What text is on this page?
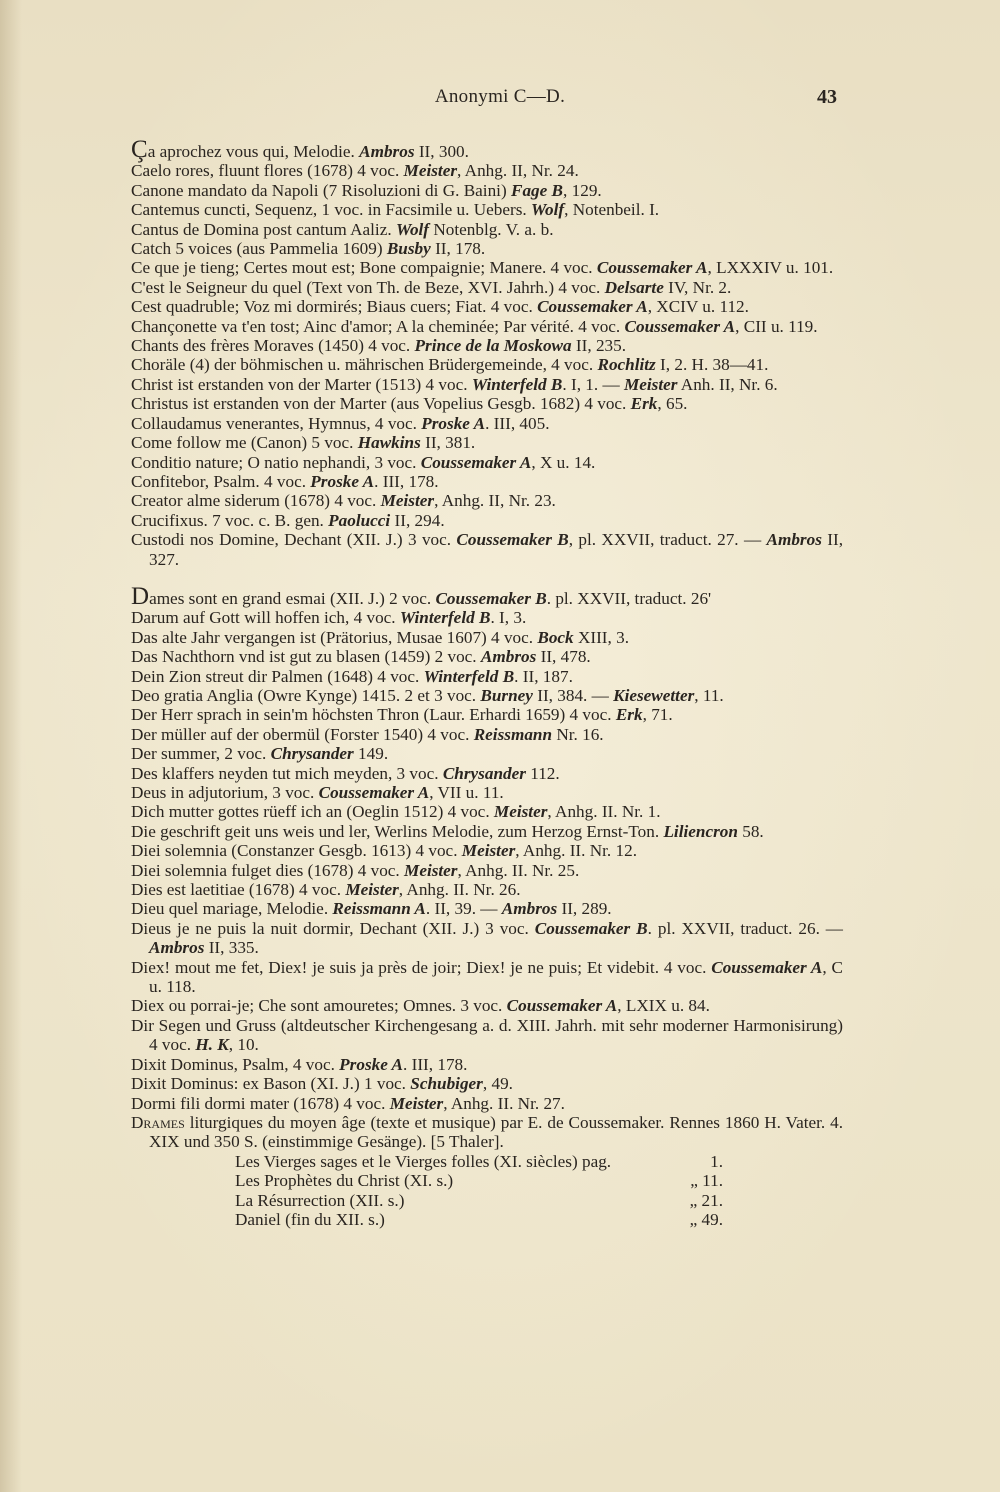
Anonymi C—D.	43
Ça aprochez vous qui, Melodie. Ambros II, 300.
Caelo rores, fluunt flores (1678) 4 voc. Meister, Anhg. II, Nr. 24.
Canone mandato da Napoli (7 Risoluzioni di G. Baini) Fage B, 129.
Cantemus cuncti, Sequenz, 1 voc. in Facsimile u. Uebers. Wolf, Notenbeil. I.
Cantus de Domina post cantum Aaliz. Wolf Notenblg. V. a. b.
Catch 5 voices (aus Pammelia 1609) Busby II, 178.
Ce que je tieng; Certes mout est; Bone compaignie; Manere. 4 voc. Coussemaker A, LXXXIV u. 101.
C'est le Seigneur du quel (Text von Th. de Beze, XVI. Jahrh.) 4 voc. Delsarte IV, Nr. 2.
Cest quadruble; Voz mi dormirés; Biaus cuers; Fiat. 4 voc. Coussemaker A, XCIV u. 112.
Chançonette va t'en tost; Ainc d'amor; A la cheminée; Par vérité. 4 voc. Coussemaker A, CII u. 119.
Chants des frères Moraves (1450) 4 voc. Prince de la Moskowa II, 235.
Choräle (4) der böhmischen u. mährischen Brüdergemeinde, 4 voc. Rochlitz I, 2. H. 38—41.
Christ ist erstanden von der Marter (1513) 4 voc. Winterfeld B. I, 1. — Meister Anh. II, Nr. 6.
Christus ist erstanden von der Marter (aus Vopelius Gesgb. 1682) 4 voc. Erk, 65.
Collaudamus venerantes, Hymnus, 4 voc. Proske A. III, 405.
Come follow me (Canon) 5 voc. Hawkins II, 381.
Conditio nature; O natio nephandi, 3 voc. Coussemaker A, X u. 14.
Confitebor, Psalm. 4 voc. Proske A. III, 178.
Creator alme siderum (1678) 4 voc. Meister, Anhg. II, Nr. 23.
Crucifixus. 7 voc. c. B. gen. Paolucci II, 294.
Custodi nos Domine, Dechant (XII. J.) 3 voc. Coussemaker B, pl. XXVII, traduct. 27. — Ambros II, 327.
Dames sont en grand esmai (XII. J.) 2 voc. Coussemaker B. pl. XXVII, traduct. 26'
Darum auf Gott will hoffen ich, 4 voc. Winterfeld B. I, 3.
Das alte Jahr vergangen ist (Prätorius, Musae 1607) 4 voc. Bock XIII, 3.
Das Nachthorn vnd ist gut zu blasen (1459) 2 voc. Ambros II, 478.
Dein Zion streut dir Palmen (1648) 4 voc. Winterfeld B. II, 187.
Deo gratia Anglia (Owre Kynge) 1415. 2 et 3 voc. Burney II, 384. — Kiesewetter, 11.
Der Herr sprach in sein'm höchsten Thron (Laur. Erhardi 1659) 4 voc. Erk, 71.
Der müller auf der obermül (Forster 1540) 4 voc. Reissmann Nr. 16.
Der summer, 2 voc. Chrysander 149.
Des klaffers neyden tut mich meyden, 3 voc. Chrysander 112.
Deus in adjutorium, 3 voc. Coussemaker A, VII u. 11.
Dich mutter gottes rüeff ich an (Oeglin 1512) 4 voc. Meister, Anhg. II. Nr. 1.
Die geschrift geit uns weis und ler, Werlins Melodie, zum Herzog Ernst-Ton. Liliencron 58.
Diei solemnia (Constanzer Gesgb. 1613) 4 voc. Meister, Anhg. II. Nr. 12.
Diei solemnia fulget dies (1678) 4 voc. Meister, Anhg. II. Nr. 25.
Dies est laetitiae (1678) 4 voc. Meister, Anhg. II. Nr. 26.
Dieu quel mariage, Melodie. Reissmann A. II, 39. — Ambros II, 289.
Dieus je ne puis la nuit dormir, Dechant (XII. J.) 3 voc. Coussemaker B. pl. XXVII, traduct. 26. — Ambros II, 335.
Diex! mout me fet, Diex! je suis ja près de joir; Diex! je ne puis; Et videbit. 4 voc. Coussemaker A, C u. 118.
Diex ou porrai-je; Che sont amouretes; Omnes. 3 voc. Coussemaker A, LXIX u. 84.
Dir Segen und Gruss (altdeutscher Kirchengesang a. d. XIII. Jahrh. mit sehr moderner Harmonisirung) 4 voc. H. K, 10.
Dixit Dominus, Psalm, 4 voc. Proske A. III, 178.
Dixit Dominus: ex Bason (XI. J.) 1 voc. Schubiger, 49.
Dormi fili dormi mater (1678) 4 voc. Meister, Anhg. II. Nr. 27.
Drames liturgiques du moyen âge (texte et musique) par E. de Coussemaker. Rennes 1860 H. Vater. 4. XIX und 350 S. (einstimmige Gesänge). [5 Thaler].
Les Vierges sages et le Vierges folles (XI. siècles) pag.	1.
Les Prophètes du Christ (XI. s.)	„ 11.
La Résurrection (XII. s.)	„ 21.
Daniel (fin du XII. s.)	„ 49.
